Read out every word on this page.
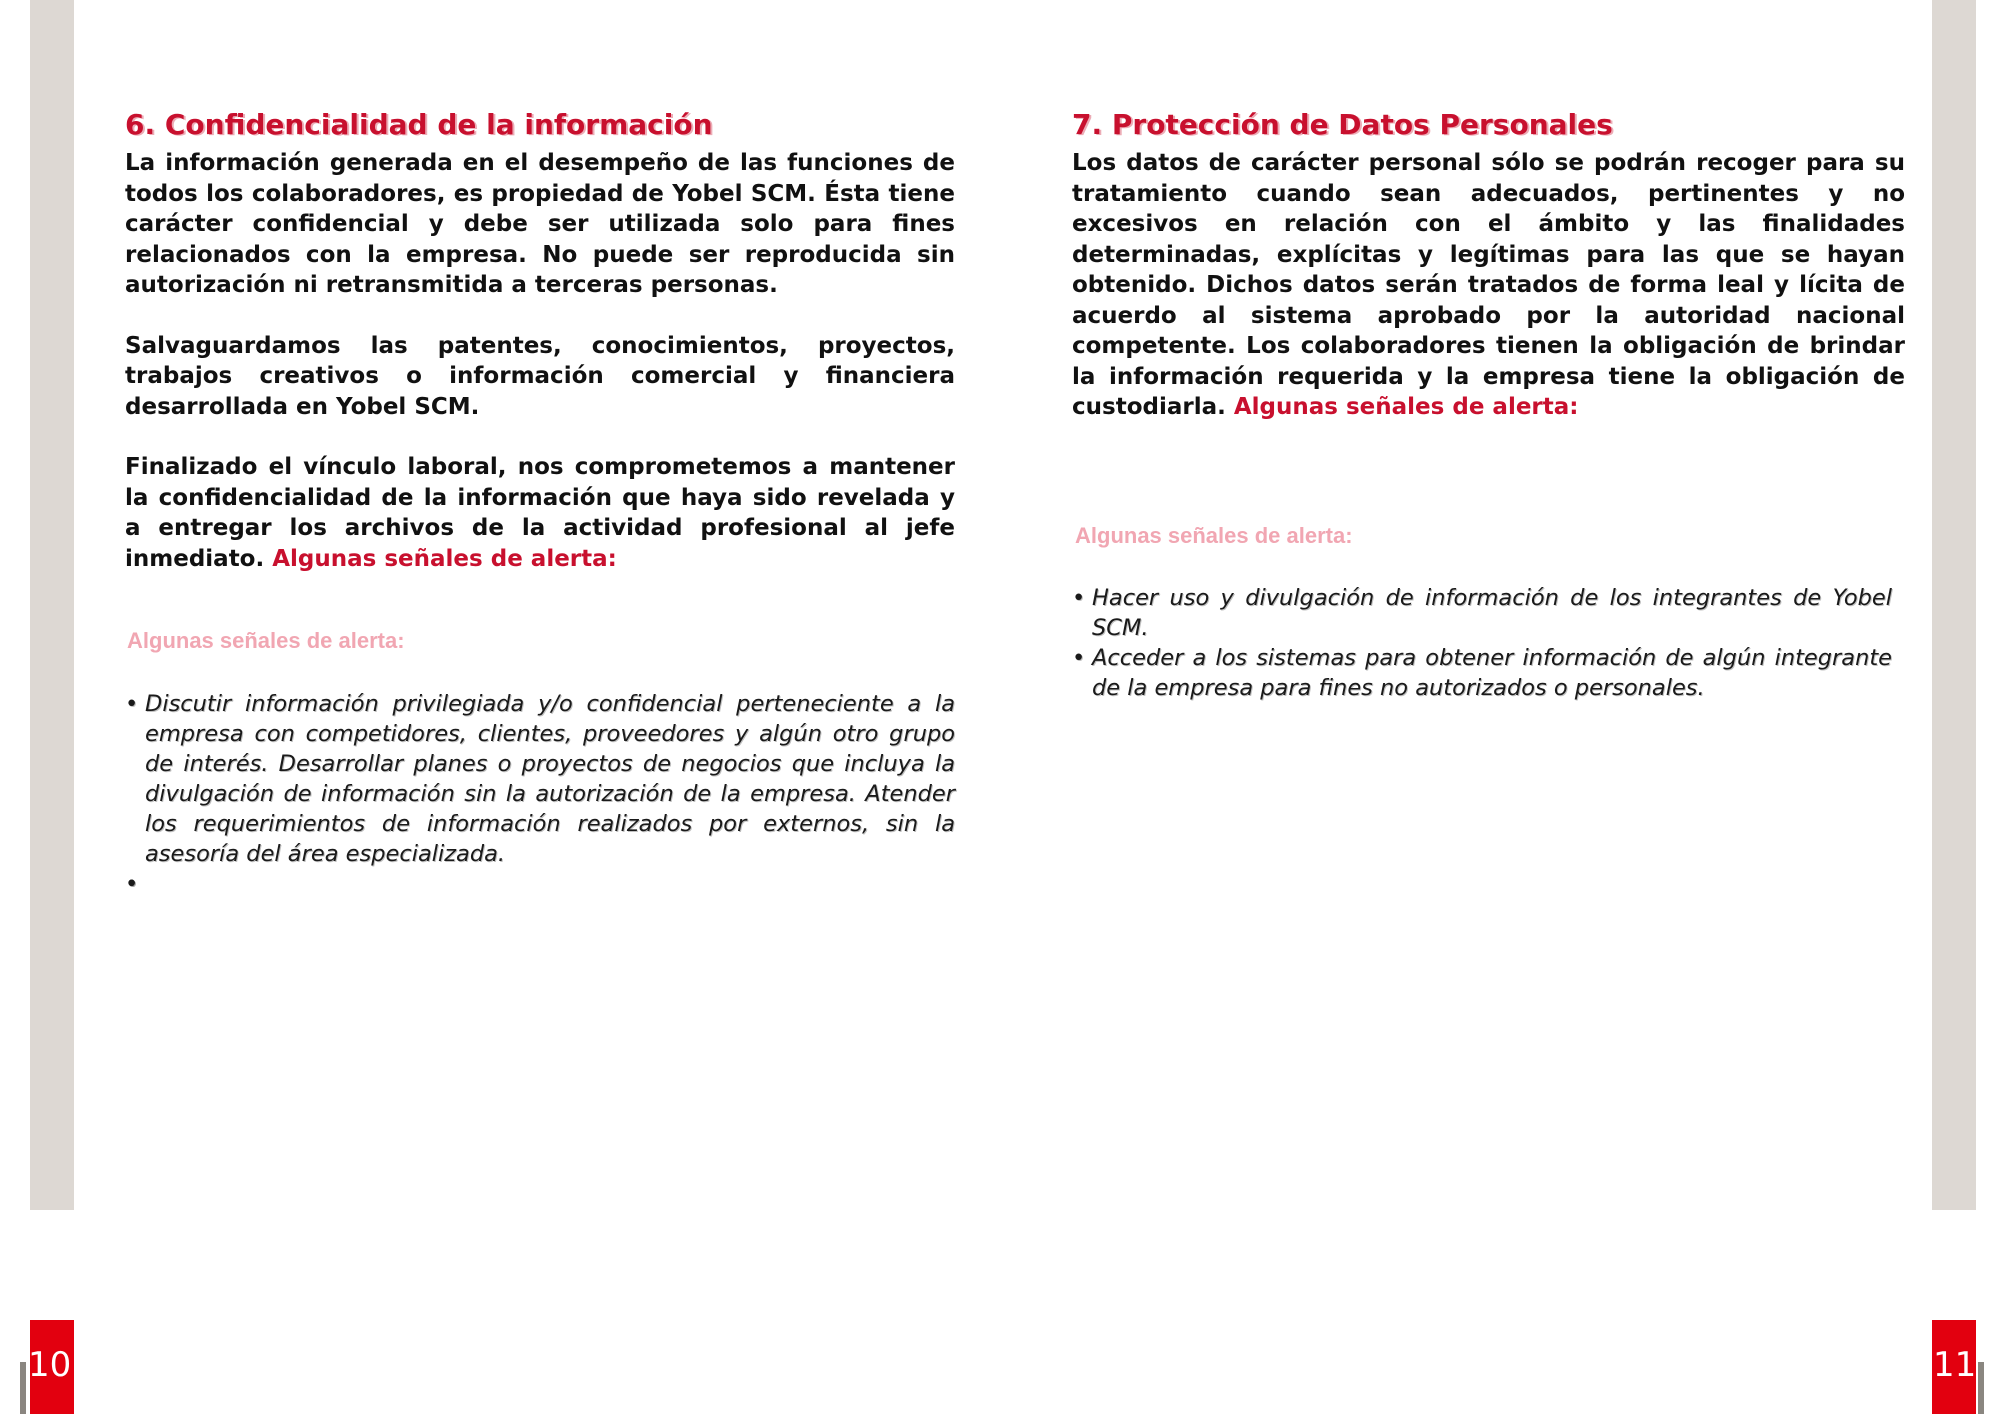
10	11
6. Confidencialidad de la información

La información generada en el desempeño de las funciones de todos los colaboradores, es propiedad de Yobel SCM. Ésta tiene carácter confidencial y debe ser utilizada solo para fines relacionados con la empresa. No puede ser reproducida sin autorización ni retransmitida a terceras personas.

Salvaguardamos las patentes, conocimientos, proyectos, trabajos creativos o información comercial y financiera desarrollada en Yobel SCM.

Finalizado el vínculo laboral, nos comprometemos a mantener la confidencialidad de la información que haya sido revelada y a entregar los archivos de la actividad profesional al jefe inmediato. Algunas señales de alerta:

Algunas señales de alerta:
• Discutir información privilegiada y/o confidencial perteneciente a la empresa con competidores, clientes, proveedores y algún otro grupo de interés. Desarrollar planes o proyectos de negocios que incluya la divulgación de información sin la autorización de la empresa. Atender los requerimientos de información realizados por externos, sin la asesoría del área especializada.
7. Protección de Datos Personales

Los datos de carácter personal sólo se podrán recoger para su tratamiento cuando sean adecuados, pertinentes y no excesivos en relación con el ámbito y las finalidades determinadas, explícitas y legítimas para las que se hayan obtenido. Dichos datos serán tratados de forma leal y lícita de acuerdo al sistema aprobado por la autoridad nacional competente. Los colaboradores tienen la obligación de brindar la información requerida y la empresa tiene la obligación de custodiarla. Algunas señales de alerta:

Algunas señales de alerta:
• Hacer uso y divulgación de información de los integrantes de Yobel SCM.
• Acceder a los sistemas para obtener información de algún integrante de la empresa para fines no autorizados o personales.
